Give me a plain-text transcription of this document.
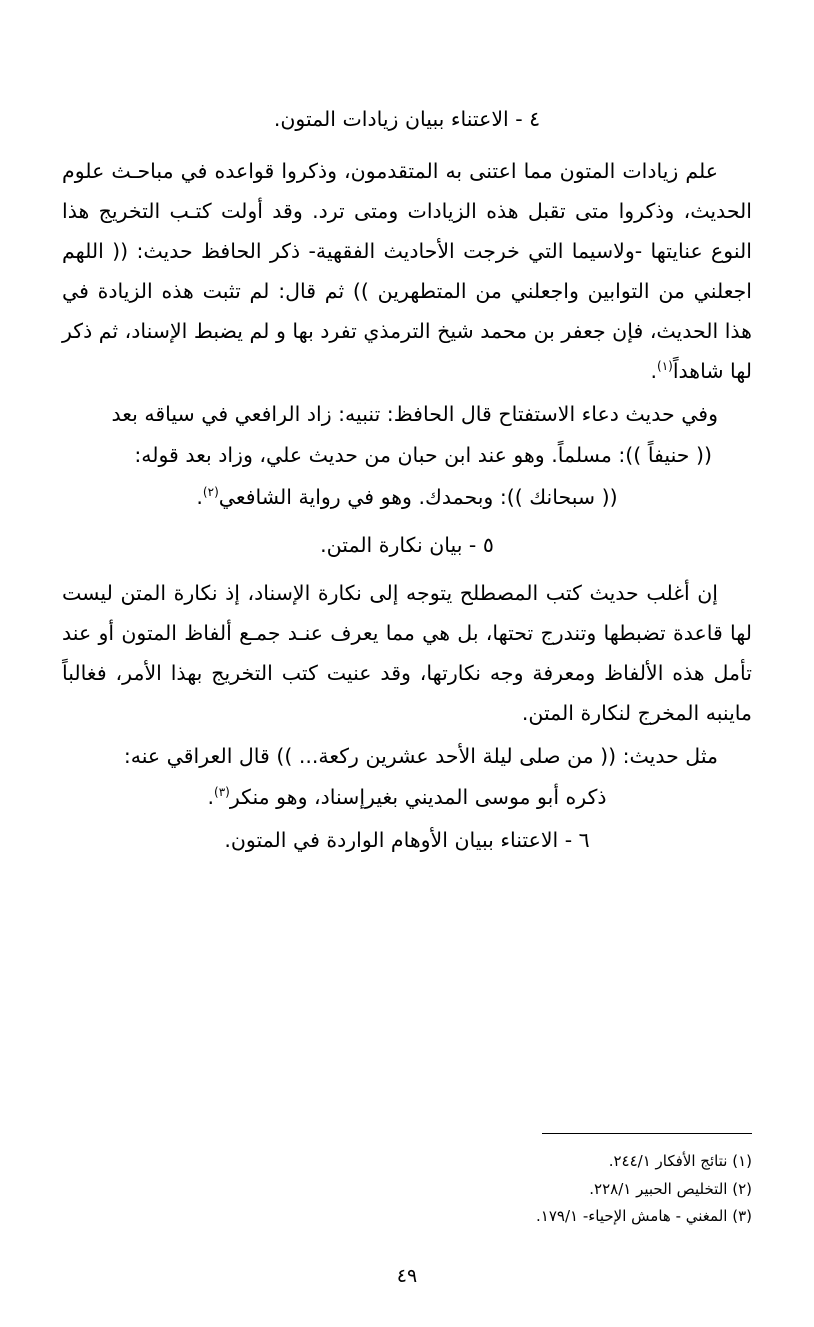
٤ - الاعتناء ببيان زيادات المتون.

علم زيادات المتون مما اعتنى به المتقدمون، وذكروا قواعده في مباحـث علوم الحديث، وذكروا متى تقبل هذه الزيادات ومتى ترد. وقد أولت كتـب التخريج هذا النوع عنايتها -ولاسيما التي خرجت الأحاديث الفقهية- ذكر الحافظ حديث: (( اللهم اجعلني من التوابين واجعلني من المتطهرين )) ثم قال: لم تثبت هذه الزيادة في هذا الحديث، فإن جعفر بن محمد شيخ الترمذي تفرد بها و لم يضبط الإسناد، ثم ذكر لها شاهداً$^{(١)}$.

وفي حديث دعاء الاستفتاح قال الحافظ: تنبيه: زاد الرافعي في سياقه بعد

(( حنيفاً )): مسلماً. وهو عند ابن حبان من حديث علي، وزاد بعد قوله:

(( سبحانك )): وبحمدك. وهو في رواية الشافعي$^{(٢)}$.

٥ - بيان نكارة المتن.

إن أغلب حديث كتب المصطلح يتوجه إلى نكارة الإسناد، إذ نكارة المتن ليست لها قاعدة تضبطها وتندرج تحتها، بل هي مما يعرف عنـد جمـع ألفاظ المتون أو عند تأمل هذه الألفاظ ومعرفة وجه نكارتها، وقد عنيت كتب التخريج بهذا الأمر، فغالباً ماينبه المخرج لنكارة المتن.

مثل حديث: (( من صلى ليلة الأحد عشرين ركعة... )) قال العراقي عنه:

ذكره أبو موسى المديني بغيرإسناد، وهو منكر$^{(٣)}$.

٦ - الاعتناء ببيان الأوهام الواردة في المتون.

(١) نتائج الأفكار ٢٤٤/١.

(٢) التخليص الحبير ٢٢٨/١.

(٣) المغني - هامش الإحياء- ١٧٩/١.

٤٩
